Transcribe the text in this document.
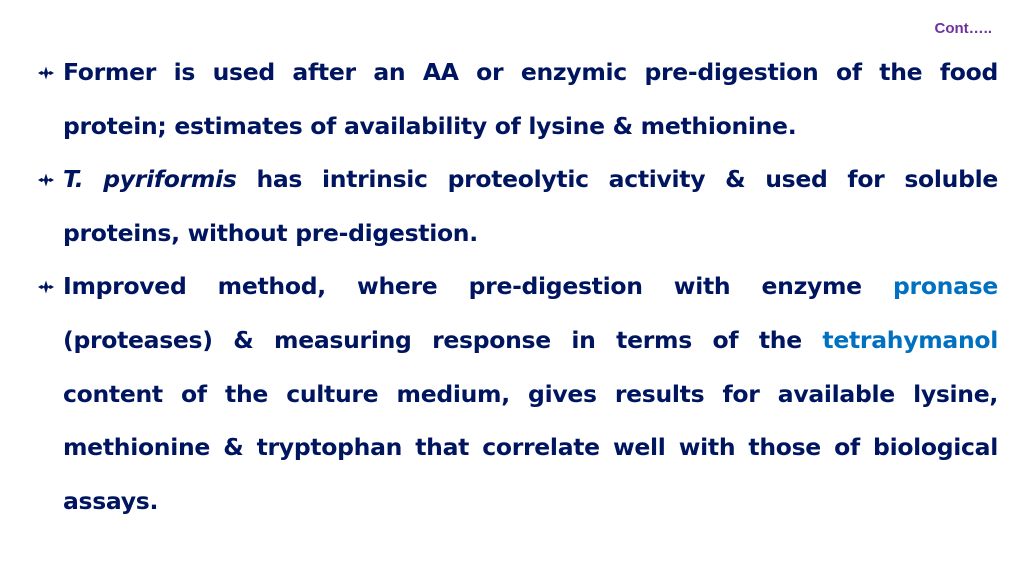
Cont…..
Former is used after an AA or enzymic pre-digestion of the food protein; estimates of availability of lysine & methionine.
T. pyriformis has intrinsic proteolytic activity & used for soluble proteins, without pre-digestion.
Improved method, where pre-digestion with enzyme pronase (proteases) & measuring response in terms of the tetrahymanol content of the culture medium, gives results for available lysine, methionine & tryptophan that correlate well with those of biological assays.
